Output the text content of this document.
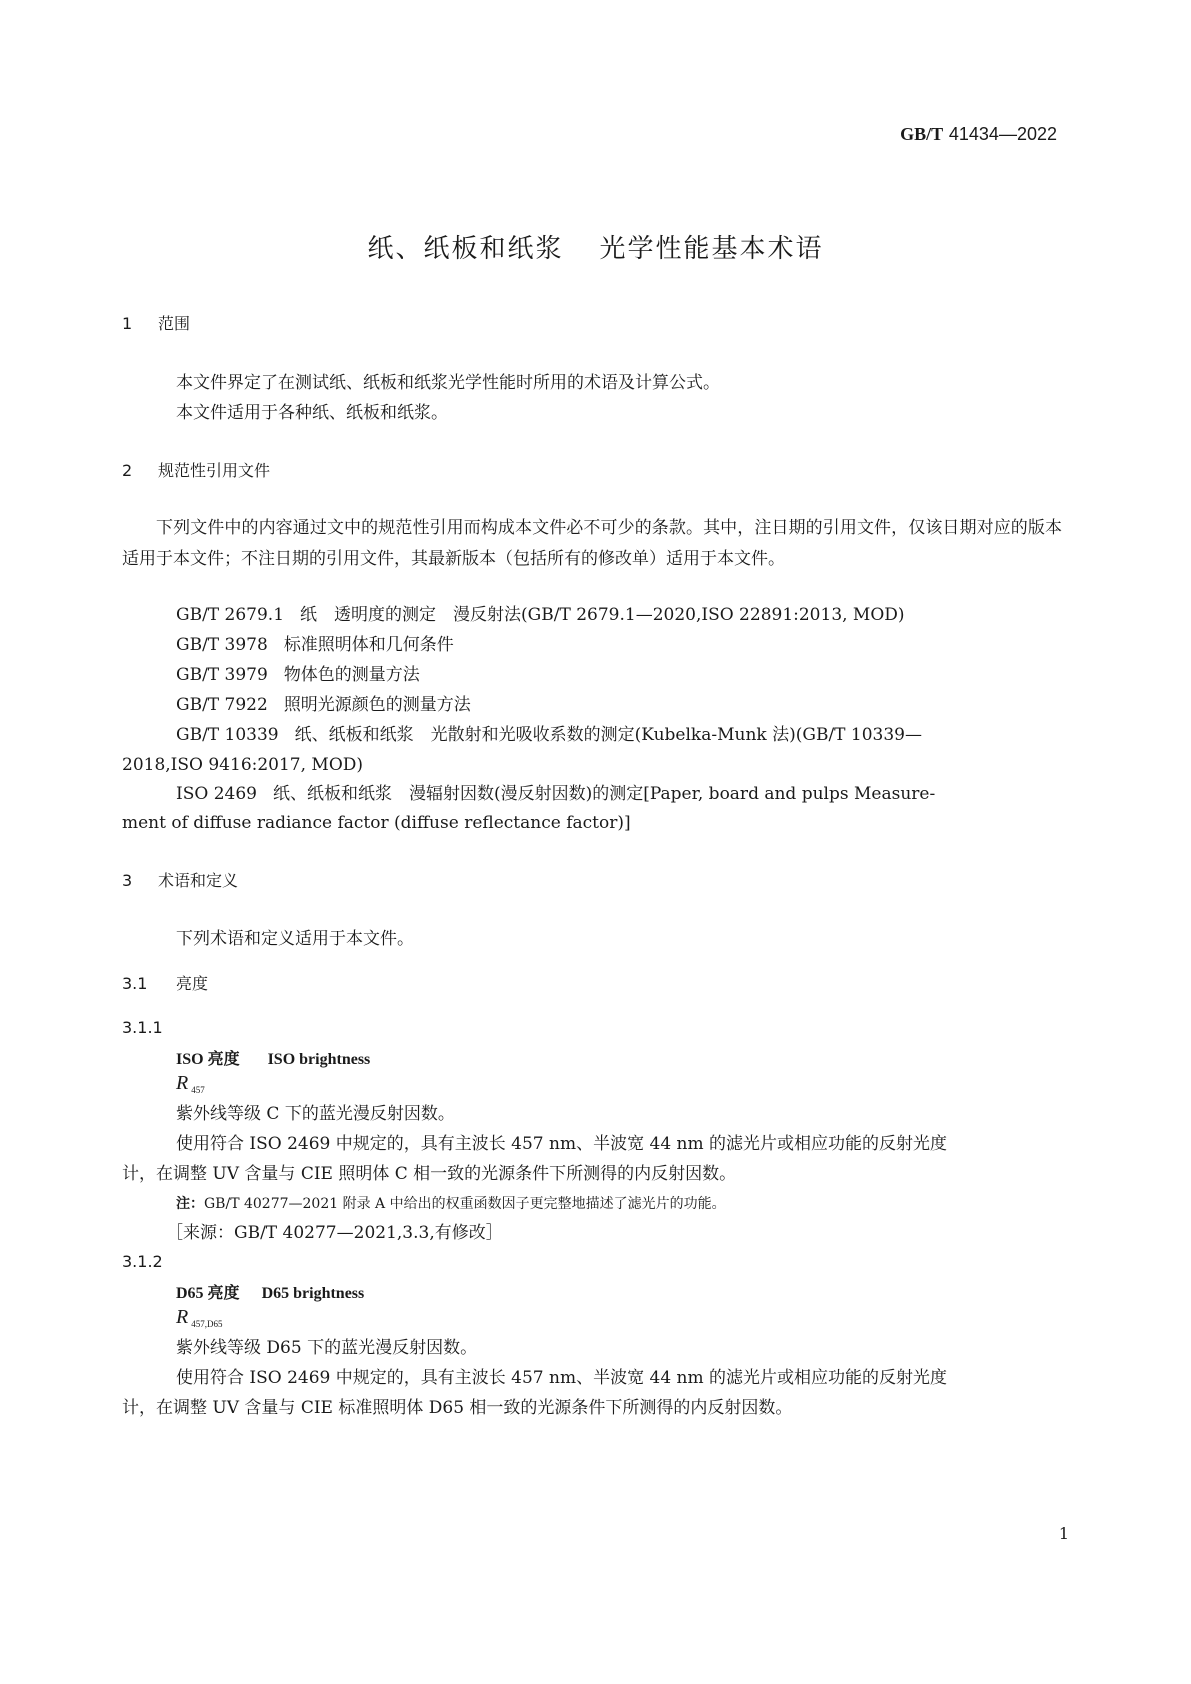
GB/T 41434—2022
纸、纸板和纸浆 光学性能基本术语
1 范围
本文件界定了在测试纸、纸板和纸浆光学性能时所用的术语及计算公式。
本文件适用于各种纸、纸板和纸浆。
2 规范性引用文件
下列文件中的内容通过文中的规范性引用而构成本文件必不可少的条款。其中，注日期的引用文件，仅该日期对应的版本适用于本文件；不注日期的引用文件，其最新版本（包括所有的修改单）适用于本文件。
GB/T 2679.1 纸　透明度的测定　漫反射法(GB/T 2679.1—2020,ISO 22891:2013, MOD)
GB/T 3978 标准照明体和几何条件
GB/T 3979 物体色的测量方法
GB/T 7922 照明光源颜色的测量方法
GB/T 10339 纸、纸板和纸浆　光散射和光吸收系数的测定(Kubelka-Munk 法)(GB/T 10339—
2018,ISO 9416:2017, MOD)
ISO 2469 纸、纸板和纸浆　漫辐射因数(漫反射因数)的测定[Paper, board and pulps Measure-
ment of diffuse radiance factor (diffuse reflectance factor)]
3 术语和定义
下列术语和定义适用于本文件。
3.1 亮度
3.1.1
ISO 亮度 ISO brightness
R $_{457}$
紫外线等级 C 下的蓝光漫反射因数。
使用符合 ISO 2469 中规定的，具有主波长 457 nm、半波宽 44 nm 的滤光片或相应功能的反射光度
计，在调整 UV 含量与 CIE 照明体 C 相一致的光源条件下所测得的内反射因数。
注：GB/T 40277—2021 附录 A 中给出的权重函数因子更完整地描述了滤光片的功能。
［来源：GB/T 40277—2021,3.3,有修改］
3.1.2
D65 亮度 D65 brightness
R $_{457,D65}$
紫外线等级 D65 下的蓝光漫反射因数。
使用符合 ISO 2469 中规定的，具有主波长 457 nm、半波宽 44 nm 的滤光片或相应功能的反射光度
计，在调整 UV 含量与 CIE 标准照明体 D65 相一致的光源条件下所测得的内反射因数。
1
